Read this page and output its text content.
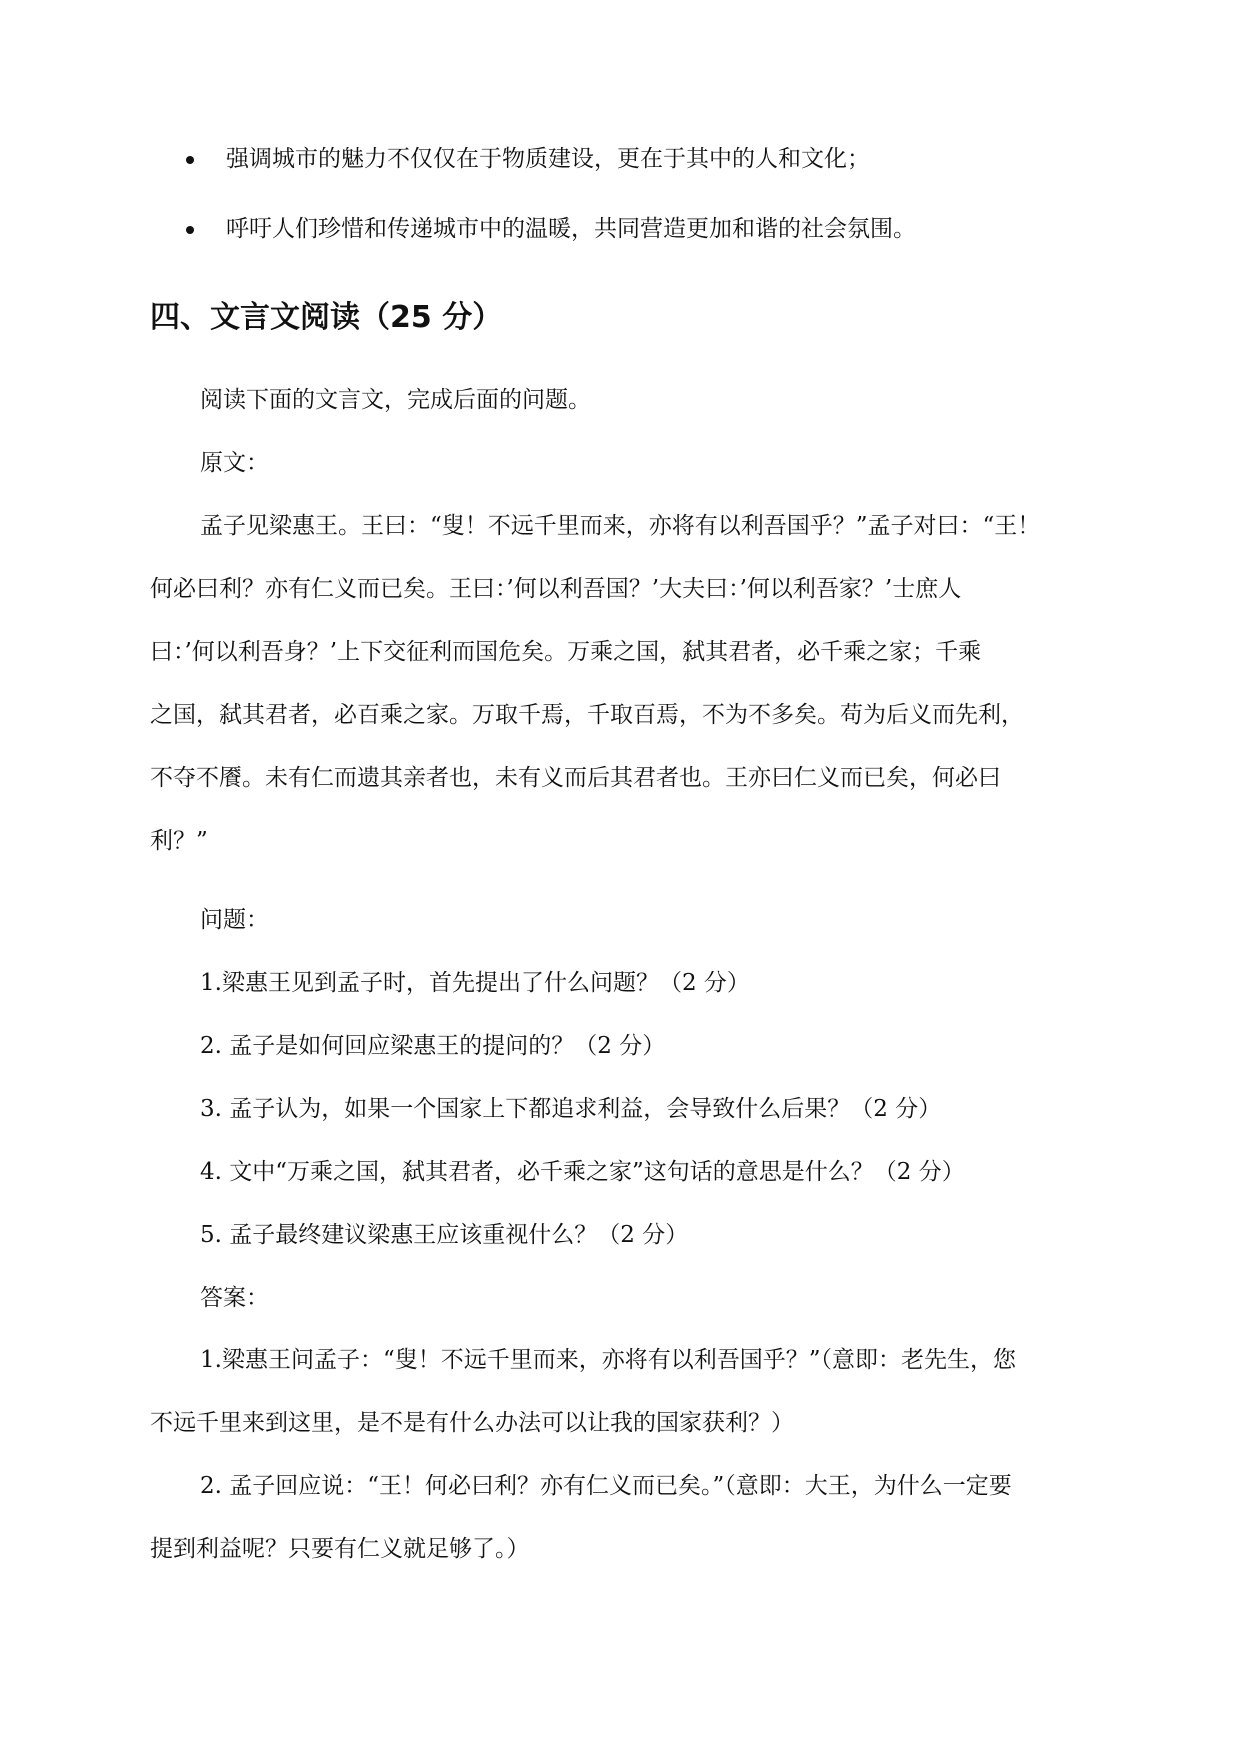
强调城市的魅力不仅仅在于物质建设，更在于其中的人和文化；
呼吁人们珍惜和传递城市中的温暖，共同营造更加和谐的社会氛围。
四、文言文阅读（25 分）
阅读下面的文言文，完成后面的问题。
原文：
孟子见梁惠王。王曰：“叟！不远千里而来，亦将有以利吾国乎？”孟子对曰：“王！
何必曰利？亦有仁义而已矣。王曰：’何以利吾国？’大夫曰：’何以利吾家？’士庶人
曰：’何以利吾身？’上下交征利而国危矣。万乘之国，弑其君者，必千乘之家；千乘
之国，弑其君者，必百乘之家。万取千焉，千取百焉，不为不多矣。苟为后义而先利，
不夺不餍。未有仁而遗其亲者也，未有义而后其君者也。王亦曰仁义而已矣，何必曰
利？”
问题：
1.梁惠王见到孟子时，首先提出了什么问题？（2 分）
2. 孟子是如何回应梁惠王的提问的？（2 分）
3. 孟子认为，如果一个国家上下都追求利益，会导致什么后果？（2 分）
4. 文中“万乘之国，弑其君者，必千乘之家”这句话的意思是什么？（2 分）
5. 孟子最终建议梁惠王应该重视什么？（2 分）
答案：
1.梁惠王问孟子：“叟！不远千里而来，亦将有以利吾国乎？”（意即：老先生，您
不远千里来到这里，是不是有什么办法可以让我的国家获利？）
2. 孟子回应说：“王！何必曰利？亦有仁义而已矣。”（意即：大王，为什么一定要
提到利益呢？只要有仁义就足够了。）
